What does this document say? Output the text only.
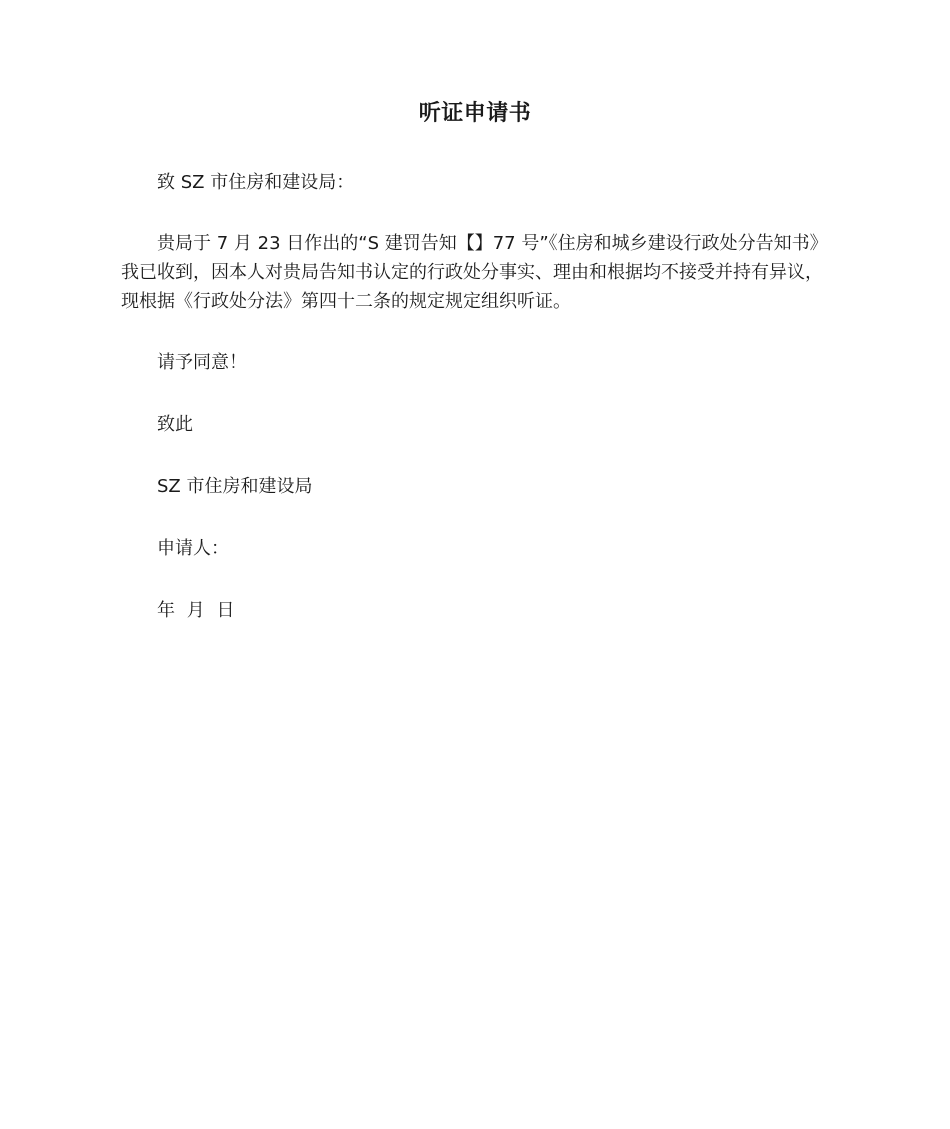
听证申请书

致 SZ 市住房和建设局：

贵局于 7 月 23 日作出的“S 建罚告知【】77 号”《住房和城乡建设行政处分告知书》我已收到，因本人对贵局告知书认定的行政处分事实、理由和根据均不接受并持有异议，现根据《行政处分法》第四十二条的规定规定组织听证。

请予同意！

致此

SZ 市住房和建设局

申请人：

年 月 日
